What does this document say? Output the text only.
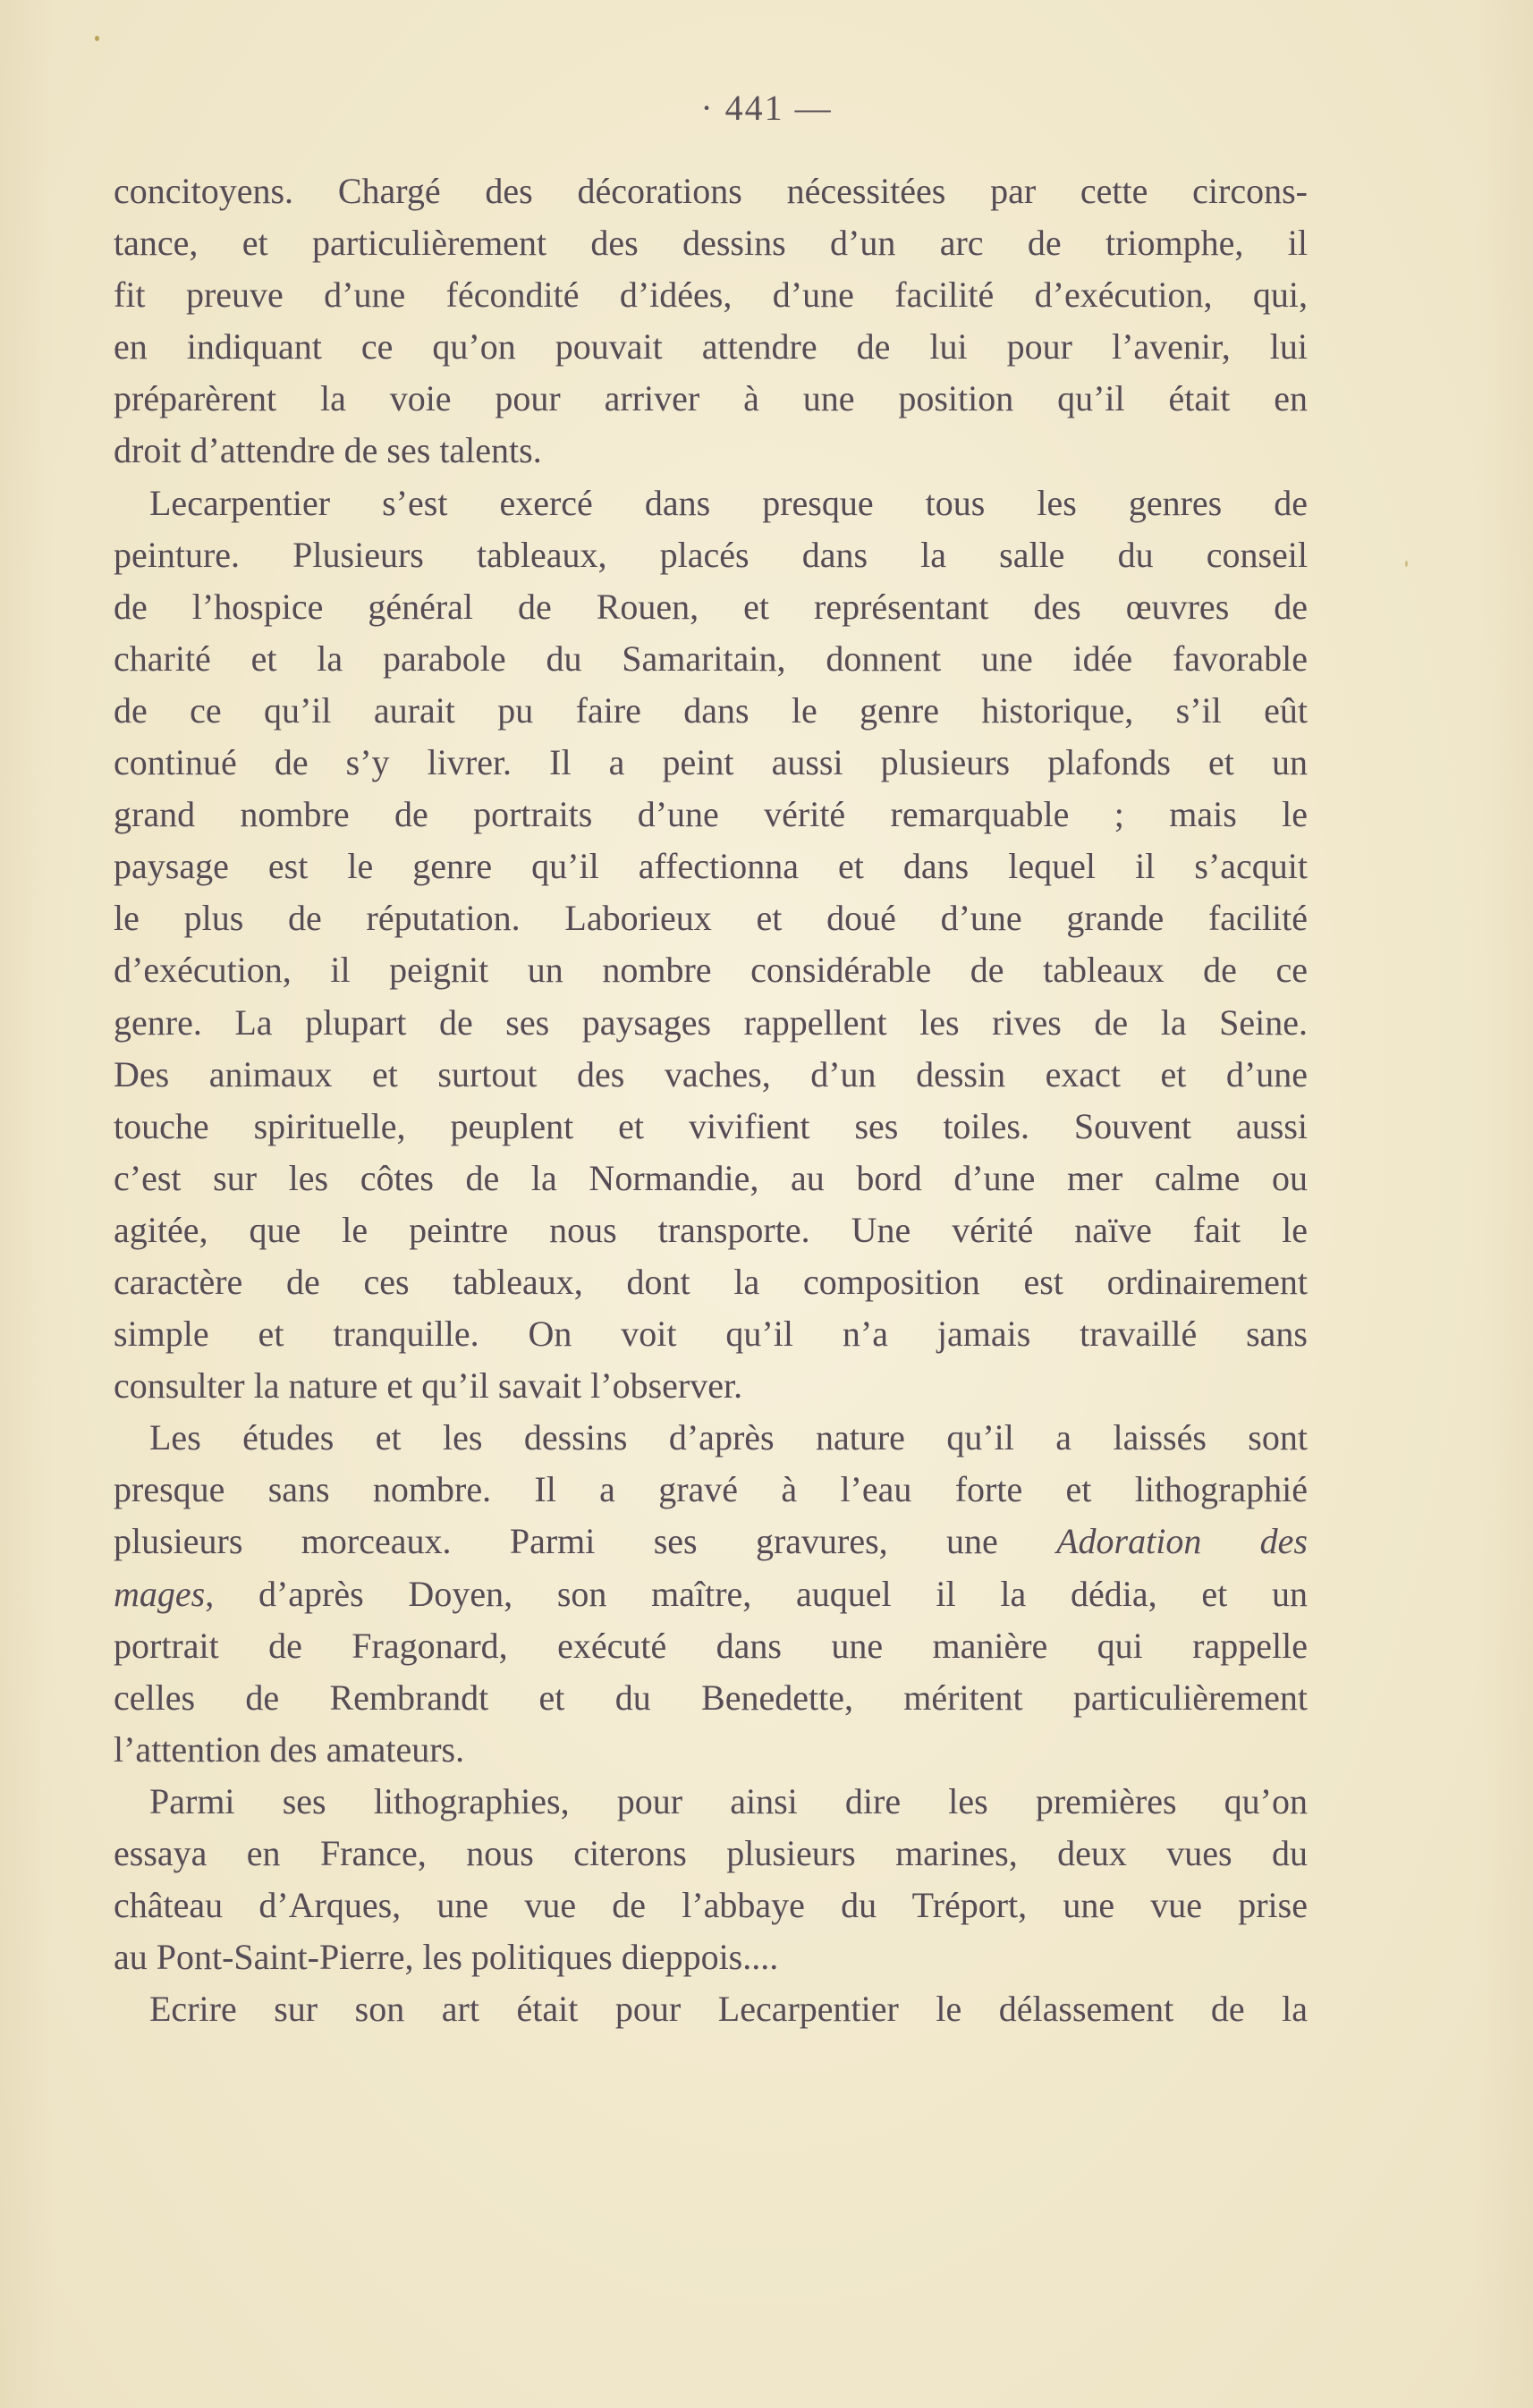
· 441 —
concitoyens. Chargé des décorations nécessitées par cette circons-
tance, et particulièrement des dessins d’un arc de triomphe, il
fit preuve d’une fécondité d’idées, d’une facilité d’exécution, qui,
en indiquant ce qu’on pouvait attendre de lui pour l’avenir, lui
préparèrent la voie pour arriver à une position qu’il était en
droit d’attendre de ses talents.
Lecarpentier s’est exercé dans presque tous les genres de
peinture. Plusieurs tableaux, placés dans la salle du conseil
de l’hospice général de Rouen, et représentant des œuvres de
charité et la parabole du Samaritain, donnent une idée favorable
de ce qu’il aurait pu faire dans le genre historique, s’il eût
continué de s’y livrer. Il a peint aussi plusieurs plafonds et un
grand nombre de portraits d’une vérité remarquable ; mais le
paysage est le genre qu’il affectionna et dans lequel il s’acquit
le plus de réputation. Laborieux et doué d’une grande facilité
d’exécution, il peignit un nombre considérable de tableaux de ce
genre. La plupart de ses paysages rappellent les rives de la Seine.
Des animaux et surtout des vaches, d’un dessin exact et d’une
touche spirituelle, peuplent et vivifient ses toiles. Souvent aussi
c’est sur les côtes de la Normandie, au bord d’une mer calme ou
agitée, que le peintre nous transporte. Une vérité naïve fait le
caractère de ces tableaux, dont la composition est ordinairement
simple et tranquille. On voit qu’il n’a jamais travaillé sans
consulter la nature et qu’il savait l’observer.
Les études et les dessins d’après nature qu’il a laissés sont
presque sans nombre. Il a gravé à l’eau forte et lithographié
plusieurs morceaux. Parmi ses gravures, une Adoration des
mages, d’après Doyen, son maître, auquel il la dédia, et un
portrait de Fragonard, exécuté dans une manière qui rappelle
celles de Rembrandt et du Benedette, méritent particulièrement
l’attention des amateurs.
Parmi ses lithographies, pour ainsi dire les premières qu’on
essaya en France, nous citerons plusieurs marines, deux vues du
château d’Arques, une vue de l’abbaye du Tréport, une vue prise
au Pont-Saint-Pierre, les politiques dieppois....
Ecrire sur son art était pour Lecarpentier le délassement de la
